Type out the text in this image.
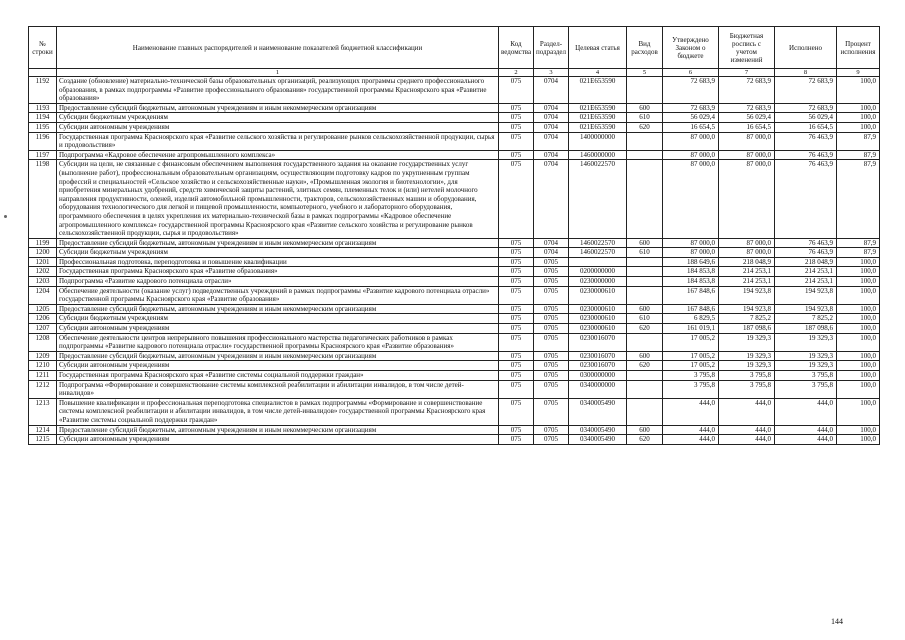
№ строки	Наименование главных распорядителей и наименование показателей бюджетной классификации	Код ведомства	Раздел-подраздел	Целевая статья	Вид расходов	Утверждено Законом о бюджете	Бюджетная роспись с учетом изменений	Исполнено	Процент исполнения
	1	2	3	4	5	6	7	8	9
1192	Создание (обновление) материально-технической базы образовательных организаций, реализующих программы среднего профессионального образования, в рамках подпрограммы «Развитие профессионального образования» государственной программы Красноярского края «Развитие образования»	075	0704	021Е653590		72 683,9	72 683,9	72 683,9	100,0
1193	Предоставление субсидий бюджетным, автономным учреждениям и иным некоммерческим организациям	075	0704	021Е653590	600	72 683,9	72 683,9	72 683,9	100,0
1194	Субсидии бюджетным учреждениям	075	0704	021Е653590	610	56 029,4	56 029,4	56 029,4	100,0
1195	Субсидии автономным учреждениям	075	0704	021Е653590	620	16 654,5	16 654,5	16 654,5	100,0
1196	Государственная программа Красноярского края «Развитие сельского хозяйства и регулирование рынков сельскохозяйственной продукции, сырья и продовольствия»	075	0704	1400000000		87 000,0	87 000,0	76 463,9	87,9
1197	Подпрограмма «Кадровое обеспечение агропромышленного комплекса»	075	0704	1460000000		87 000,0	87 000,0	76 463,9	87,9
1198	Субсидии на цели, не связанные с финансовым обеспечением выполнения государственного задания на оказание государственных услуг (выполнение работ), профессиональным образовательным организациям, осуществляющим подготовку кадров по укрупненным группам профессий и специальностей «Сельское хозяйство и сельскохозяйственные науки», «Промышленная экология и биотехнологии», для приобретения минеральных удобрений, средств химической защиты растений, элитных семян, племенных телок и (или) нетелей молочного направления продуктивности, оленей, изделий автомобильной промышленности, тракторов, сельскохозяйственных машин и оборудования, оборудования технологического для легкой и пищевой промышленности, компьютерного, учебного и лабораторного оборудования, программного обеспечения в целях укрепления их материально-технической базы в рамках подпрограммы «Кадровое обеспечение агропромышленного комплекса» государственной программы Красноярского края «Развитие сельского хозяйства и регулирование рынков сельскохозяйственной продукции, сырья и продовольствия»	075	0704	1460022570		87 000,0	87 000,0	76 463,9	87,9
1199	Предоставление субсидий бюджетным, автономным учреждениям и иным некоммерческим организациям	075	0704	1460022570	600	87 000,0	87 000,0	76 463,9	87,9
1200	Субсидии бюджетным учреждениям	075	0704	1460022570	610	87 000,0	87 000,0	76 463,9	87,9
1201	Профессиональная подготовка, переподготовка и повышение квалификации	075	0705			188 649,6	218 048,9	218 048,9	100,0
1202	Государственная программа Красноярского края «Развитие образования»	075	0705	0200000000		184 853,8	214 253,1	214 253,1	100,0
1203	Подпрограмма «Развитие кадрового потенциала отрасли»	075	0705	0230000000		184 853,8	214 253,1	214 253,1	100,0
1204	Обеспечение деятельности (оказание услуг) подведомственных учреждений в рамках подпрограммы «Развитие кадрового потенциала отрасли» государственной программы Красноярского края «Развитие образования»	075	0705	0230000610		167 848,6	194 923,8	194 923,8	100,0
1205	Предоставление субсидий бюджетным, автономным учреждениям и иным некоммерческим организациям	075	0705	0230000610	600	167 848,6	194 923,8	194 923,8	100,0
1206	Субсидии бюджетным учреждениям	075	0705	0230000610	610	6 829,5	7 825,2	7 825,2	100,0
1207	Субсидии автономным учреждениям	075	0705	0230000610	620	161 019,1	187 098,6	187 098,6	100,0
1208	Обеспечение деятельности центров непрерывного повышения профессионального мастерства педагогических работников в рамках подпрограммы «Развитие кадрового потенциала отрасли» государственной программы Красноярского края «Развитие образования»	075	0705	0230016070		17 005,2	19 329,3	19 329,3	100,0
1209	Предоставление субсидий бюджетным, автономным учреждениям и иным некоммерческим организациям	075	0705	0230016070	600	17 005,2	19 329,3	19 329,3	100,0
1210	Субсидии автономным учреждениям	075	0705	0230016070	620	17 005,2	19 329,3	19 329,3	100,0
1211	Государственная программа Красноярского края «Развитие системы социальной поддержки граждан»	075	0705	0300000000		3 795,8	3 795,8	3 795,8	100,0
1212	Подпрограмма «Формирование и совершенствование системы комплексной реабилитации и абилитации инвалидов, в том числе детей-инвалидов»	075	0705	0340000000		3 795,8	3 795,8	3 795,8	100,0
1213	Повышение квалификации и профессиональная переподготовка специалистов в рамках подпрограммы «Формирование и совершенствование системы комплексной реабилитации и абилитации инвалидов, в том числе детей-инвалидов» государственной программы Красноярского края «Развитие системы социальной поддержки граждан»	075	0705	0340005490		444,0	444,0	444,0	100,0
1214	Предоставление субсидий бюджетным, автономным учреждениям и иным некоммерческим организациям	075	0705	0340005490	600	444,0	444,0	444,0	100,0
1215	Субсидии автономным учреждениям	075	0705	0340005490	620	444,0	444,0	444,0	100,0
144
